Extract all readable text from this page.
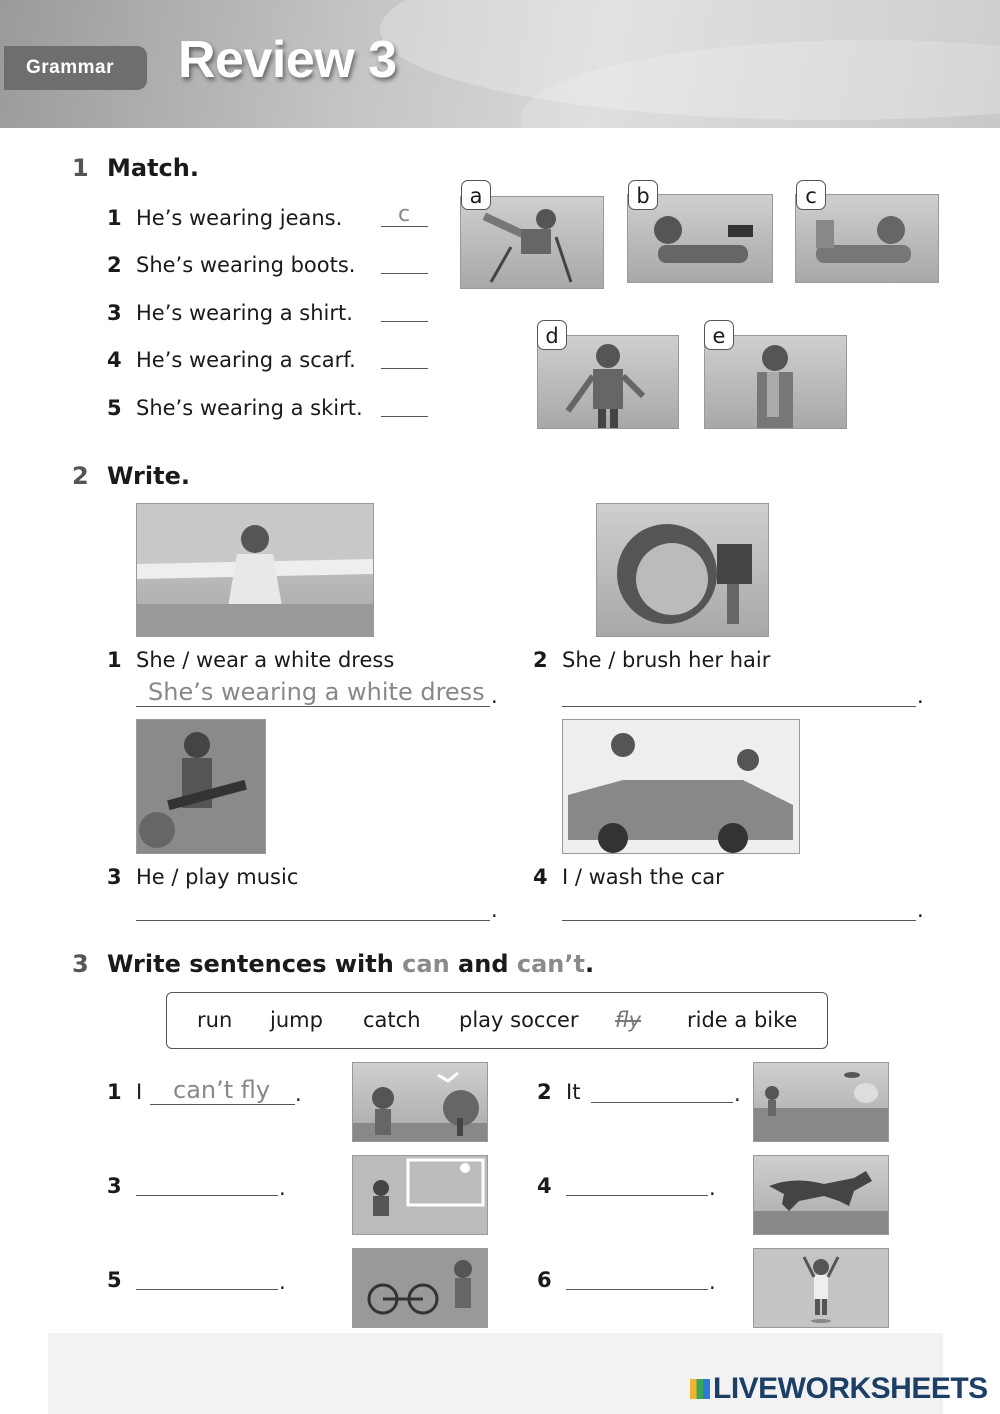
Grammar	Review 3
1 Match.
1 He’s wearing jeans.	c
2 She’s wearing boots.
3 He’s wearing a shirt.
4 He’s wearing a scarf.
5 She’s wearing a skirt.
a	b	c
d	e
2 Write.
1 She / wear a white dress
She’s wearing a white dress .
2 She / brush her hair
.
3 He / play music
.
4 I / wash the car
.
3 Write sentences with can and can’t.
run jump catch play soccer fly ride a bike
1 I can’t fly .	2 It	.
3	.	4	.
5	.	6	.
LIVEWORKSHEETS
